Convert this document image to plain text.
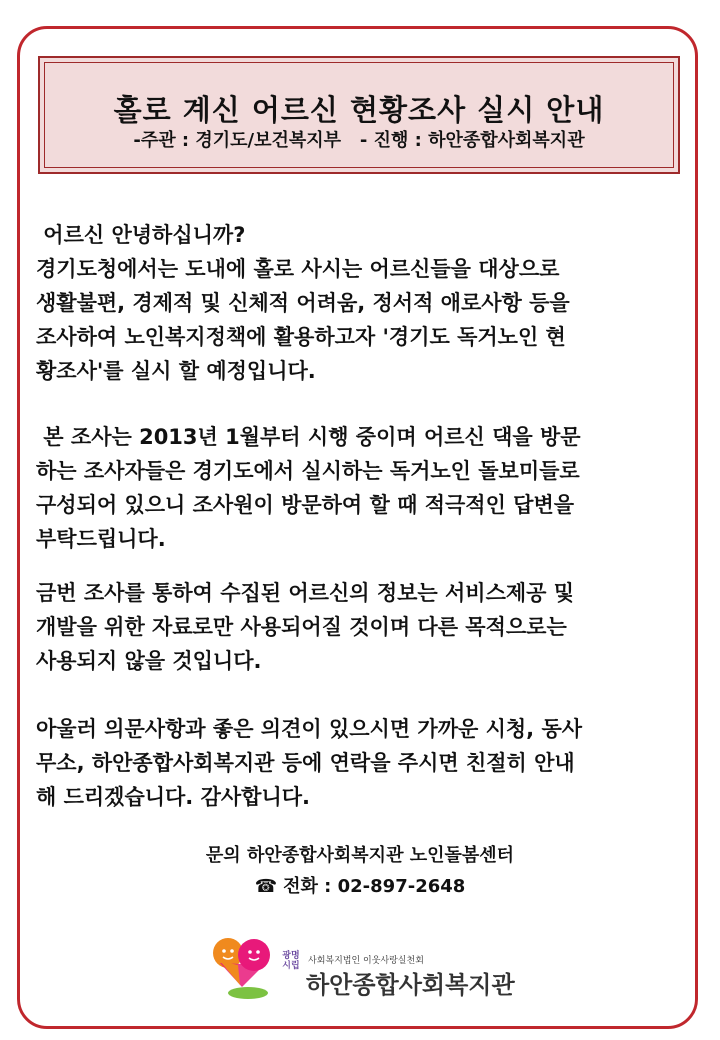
홀로 계신 어르신 현황조사 실시 안내
-주관 : 경기도/보건복지부   - 진행 : 하안종합사회복지관
어르신 안녕하십니까?
경기도청에서는 도내에 홀로 사시는 어르신들을 대상으로
생활불편, 경제적 및 신체적 어려움, 정서적 애로사항 등을
조사하여 노인복지정책에 활용하고자 '경기도 독거노인 현
황조사'를 실시 할 예정입니다.
본 조사는 2013년 1월부터 시행 중이며 어르신 댁을 방문
하는 조사자들은 경기도에서 실시하는 독거노인 돌보미들로
구성되어 있으니 조사원이 방문하여 할 때 적극적인 답변을
부탁드립니다.
금번 조사를 통하여 수집된 어르신의 정보는 서비스제공 및
개발을 위한 자료로만 사용되어질 것이며 다른 목적으로는
사용되지 않을 것입니다.
아울러 의문사항과 좋은 의견이 있으시면 가까운 시청, 동사
무소, 하안종합사회복지관 등에 연락을 주시면 친절히 안내
해 드리겠습니다. 감사합니다.
문의 하안종합사회복지관 노인돌봄센터
☎ 전화 : 02-897-2648
광명시립 사회복지법인 이웃사랑실천회
하안종합사회복지관
